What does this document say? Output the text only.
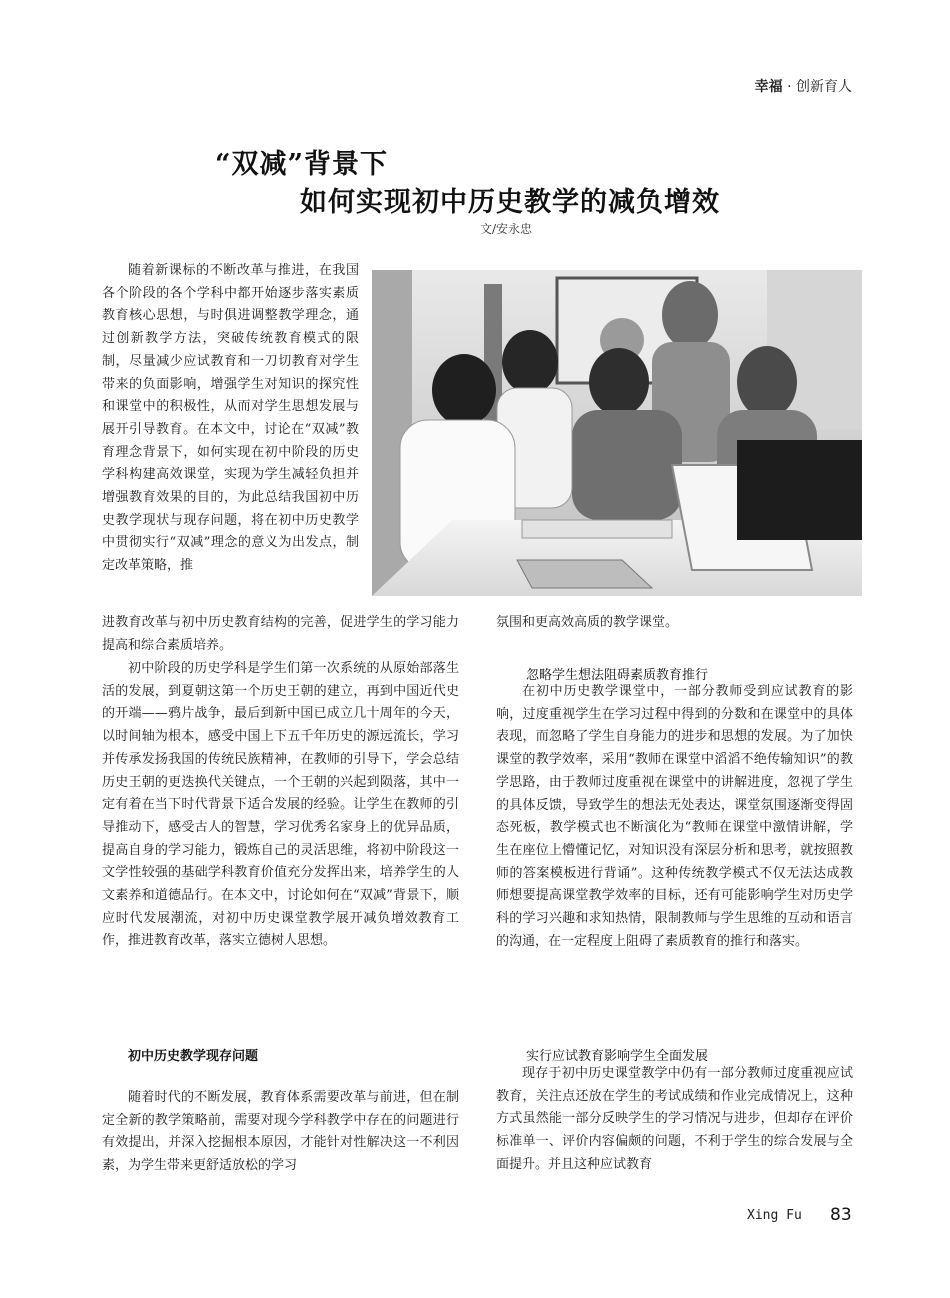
幸福 · 创新育人
“双减”背景下
如何实现初中历史教学的减负增效
文/安永忠

随着新课标的不断改革与推进，在我国各个阶段的各个学科中都开始逐步落实素质教育核心思想，与时俱进调整教学理念，通过创新教学方法，突破传统教育模式的限制，尽量减少应试教育和一刀切教育对学生带来的负面影响，增强学生对知识的探究性和课堂中的积极性，从而对学生思想发展与展开引导教育。在本文中，讨论在“双减”教育理念背景下，如何实现在初中阶段的历史学科构建高效课堂，实现为学生减轻负担并增强教育效果的目的，为此总结我国初中历史教学现状与现存问题，将在初中历史教学中贯彻实行“双减”理念的意义为出发点，制定改革策略，推

进教育改革与初中历史教育结构的完善，促进学生的学习能力提高和综合素质培养。

初中阶段的历史学科是学生们第一次系统的从原始部落生活的发展，到夏朝这第一个历史王朝的建立，再到中国近代史的开端——鸦片战争，最后到新中国已成立几十周年的今天，以时间轴为根本，感受中国上下五千年历史的源远流长，学习并传承发扬我国的传统民族精神，在教师的引导下，学会总结历史王朝的更迭换代关键点，一个王朝的兴起到陨落，其中一定有着在当下时代背景下适合发展的经验。让学生在教师的引导推动下，感受古人的智慧，学习优秀名家身上的优异品质，提高自身的学习能力，锻炼自己的灵活思维，将初中阶段这一文学性较强的基础学科教育价值充分发挥出来，培养学生的人文素养和道德品行。在本文中，讨论如何在“双减”背景下，顺应时代发展潮流，对初中历史课堂教学展开减负增效教育工作，推进教育改革，落实立德树人思想。

初中历史教学现存问题

随着时代的不断发展，教育体系需要改革与前进，但在制定全新的教学策略前，需要对现今学科教学中存在的问题进行有效提出，并深入挖掘根本原因，才能针对性解决这一不利因素，为学生带来更舒适放松的学习

氛围和更高效高质的教学课堂。

忽略学生想法阻碍素质教育推行

在初中历史教学课堂中，一部分教师受到应试教育的影响，过度重视学生在学习过程中得到的分数和在课堂中的具体表现，而忽略了学生自身能力的进步和思想的发展。为了加快课堂的教学效率，采用“教师在课堂中滔滔不绝传输知识”的教学思路，由于教师过度重视在课堂中的讲解进度，忽视了学生的具体反馈，导致学生的想法无处表达，课堂氛围逐渐变得固态死板，教学模式也不断演化为“教师在课堂中激情讲解，学生在座位上懵懂记忆，对知识没有深层分析和思考，就按照教师的答案模板进行背诵”。这种传统教学模式不仅无法达成教师想要提高课堂教学效率的目标，还有可能影响学生对历史学科的学习兴趣和求知热情，限制教师与学生思维的互动和语言的沟通，在一定程度上阻碍了素质教育的推行和落实。

实行应试教育影响学生全面发展

现存于初中历史课堂教学中仍有一部分教师过度重视应试教育，关注点还放在学生的考试成绩和作业完成情况上，这种方式虽然能一部分反映学生的学习情况与进步，但却存在评价标准单一、评价内容偏颇的问题，不利于学生的综合发展与全面提升。并且这种应试教育

Xing Fu 83
